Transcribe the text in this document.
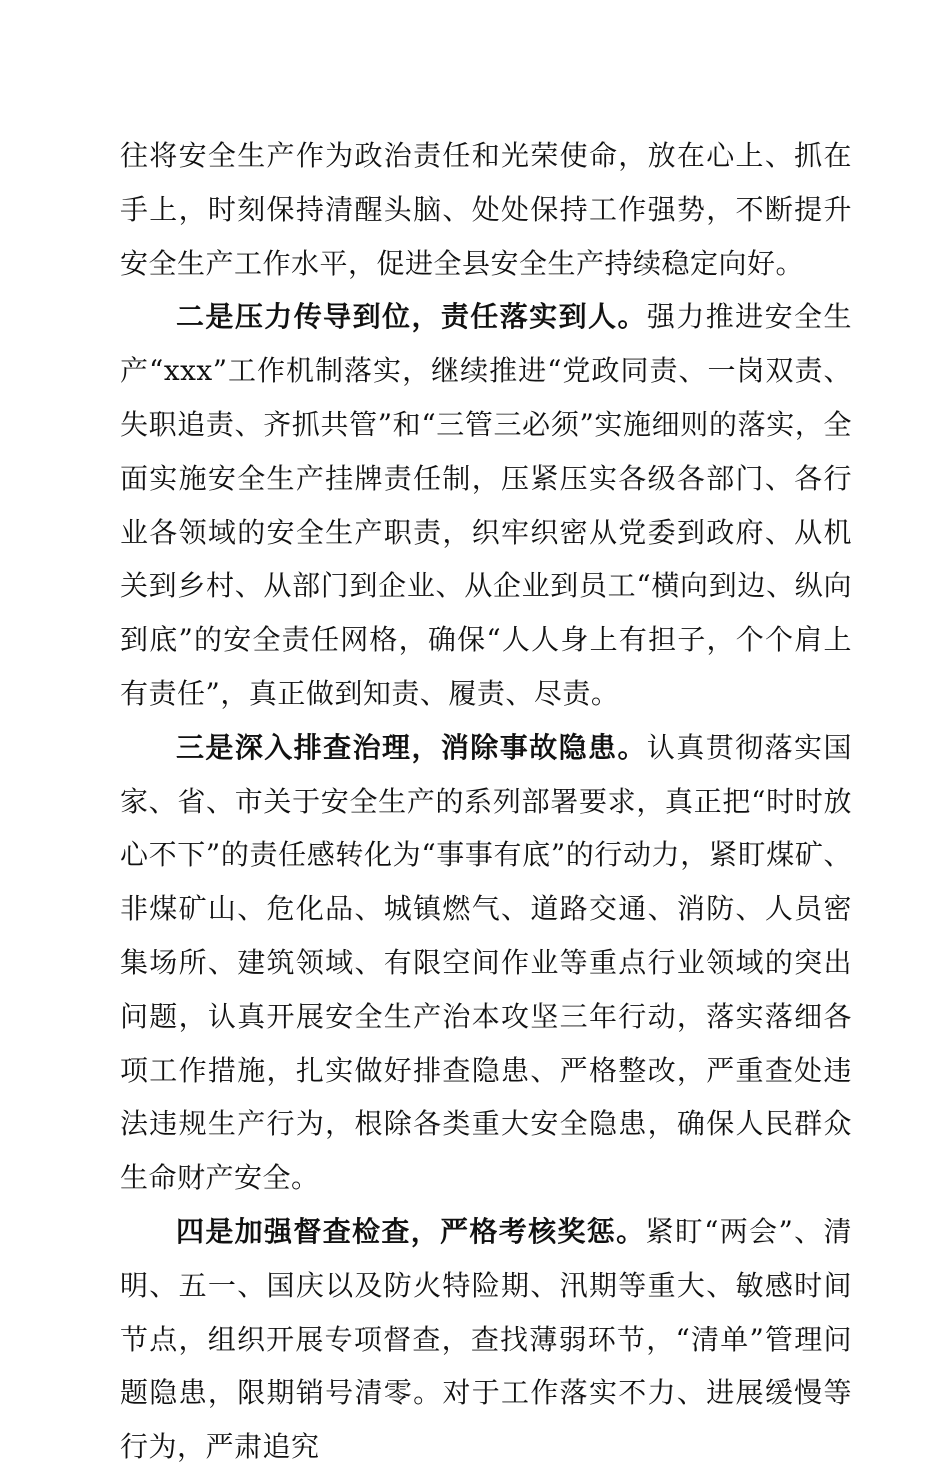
往将安全生产作为政治责任和光荣使命，放在心上、抓在手上，时刻保持清醒头脑、处处保持工作强势，不断提升安全生产工作水平，促进全县安全生产持续稳定向好。

二是压力传导到位，责任落实到人。强力推进安全生产“xxx”工作机制落实，继续推进“党政同责、一岗双责、失职追责、齐抓共管”和“三管三必须”实施细则的落实，全面实施安全生产挂牌责任制，压紧压实各级各部门、各行业各领域的安全生产职责，织牢织密从党委到政府、从机关到乡村、从部门到企业、从企业到员工“横向到边、纵向到底”的安全责任网格，确保“人人身上有担子，个个肩上有责任”，真正做到知责、履责、尽责。

三是深入排查治理，消除事故隐患。认真贯彻落实国家、省、市关于安全生产的系列部署要求，真正把“时时放心不下”的责任感转化为“事事有底”的行动力，紧盯煤矿、非煤矿山、危化品、城镇燃气、道路交通、消防、人员密集场所、建筑领域、有限空间作业等重点行业领域的突出问题，认真开展安全生产治本攻坚三年行动，落实落细各项工作措施，扎实做好排查隐患、严格整改，严重查处违法违规生产行为，根除各类重大安全隐患，确保人民群众生命财产安全。

四是加强督查检查，严格考核奖惩。紧盯“两会”、清明、五一、国庆以及防火特险期、汛期等重大、敏感时间节点，组织开展专项督查，查找薄弱环节，“清单”管理问题隐患，限期销号清零。对于工作落实不力、进展缓慢等行为，严肃追究
